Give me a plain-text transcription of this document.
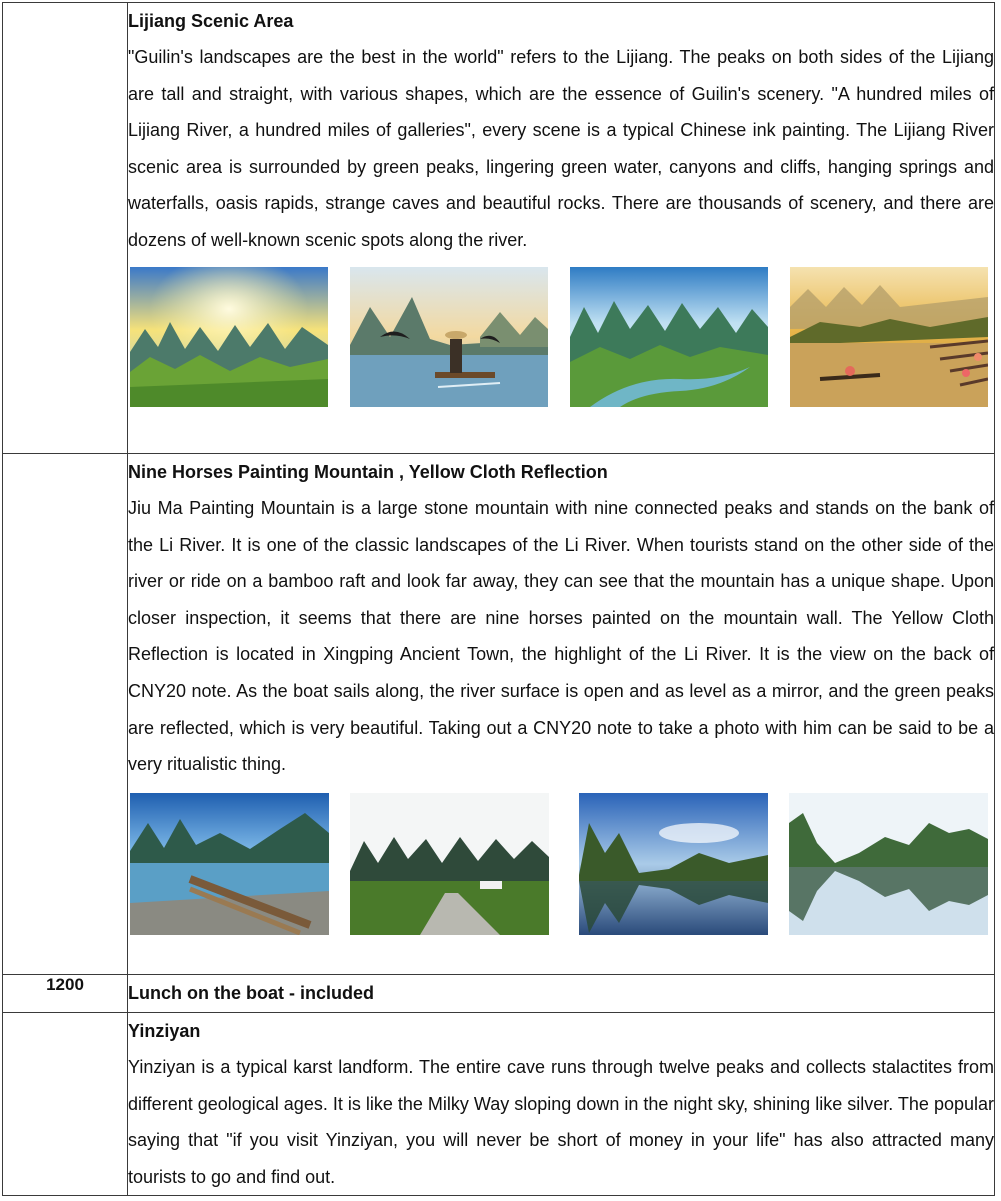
	Lijiang Scenic Area

"Guilin's landscapes are the best in the world" refers to the Lijiang. The peaks on both sides of the Lijiang are tall and straight, with various shapes, which are the essence of Guilin's scenery. "A hundred miles of Lijiang River, a hundred miles of galleries", every scene is a typical Chinese ink painting. The Lijiang River scenic area is surrounded by green peaks, lingering green water, canyons and cliffs, hanging springs and waterfalls, oasis rapids, strange caves and beautiful rocks. There are thousands of scenery, and there are dozens of well-known scenic spots along the river.

	Nine Horses Painting Mountain , Yellow Cloth Reflection

Jiu Ma Painting Mountain is a large stone mountain with nine connected peaks and stands on the bank of the Li River. It is one of the classic landscapes of the Li River. When tourists stand on the other side of the river or ride on a bamboo raft and look far away, they can see that the mountain has a unique shape. Upon closer inspection, it seems that there are nine horses painted on the mountain wall. The Yellow Cloth Reflection is located in Xingping Ancient Town, the highlight of the Li River. It is the view on the back of CNY20 note. As the boat sails along, the river surface is open and as level as a mirror, and the green peaks are reflected, which is very beautiful. Taking out a CNY20 note to take a photo with him can be said to be a very ritualistic thing.

1200	Lunch on the boat - included

	Yinziyan

Yinziyan is a typical karst landform. The entire cave runs through twelve peaks and collects stalactites from different geological ages. It is like the Milky Way sloping down in the night sky, shining like silver. The popular saying that "if you visit Yinziyan, you will never be short of money in your life" has also attracted many tourists to go and find out.
